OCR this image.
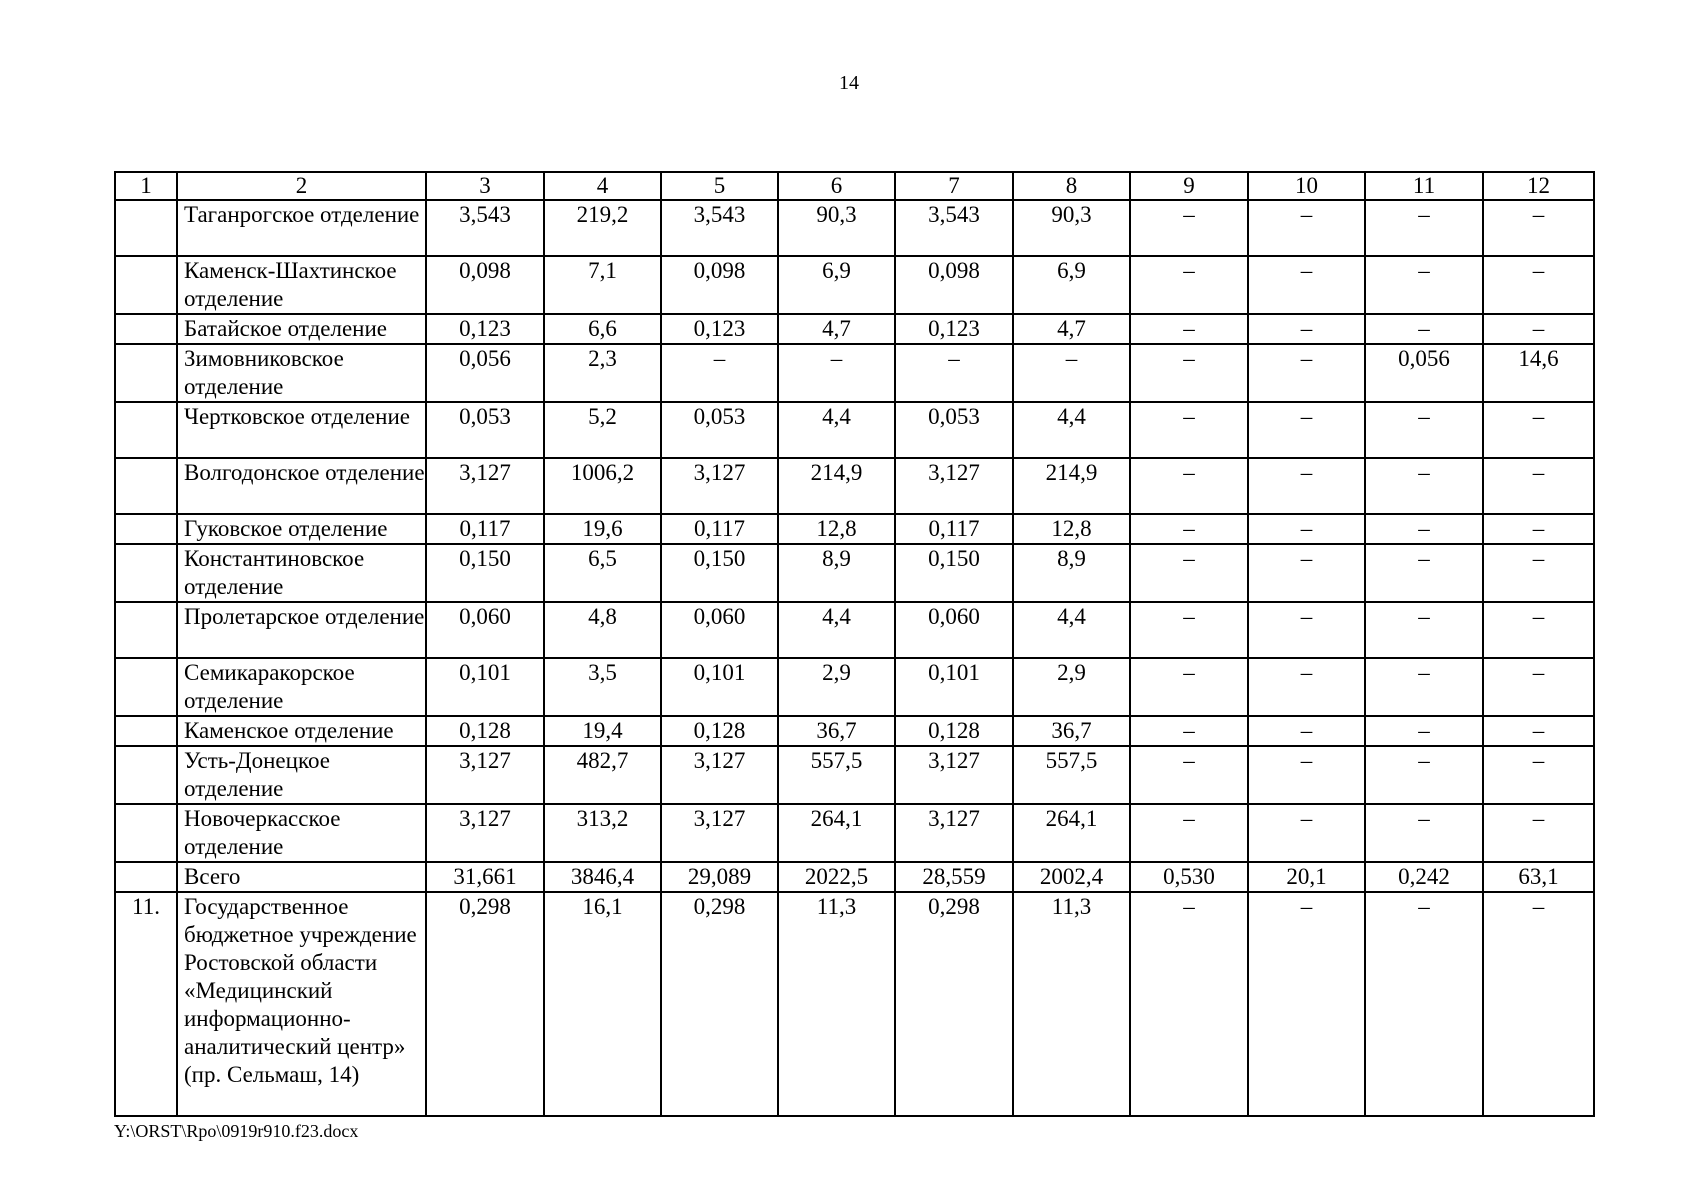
14
1	2	3	4	5	6	7	8	9	10	11	12
	Таганрогское отделение	3,543	219,2	3,543	90,3	3,543	90,3	–	–	–	–
	Каменск-Шахтинское отделение	0,098	7,1	0,098	6,9	0,098	6,9	–	–	–	–
	Батайское отделение	0,123	6,6	0,123	4,7	0,123	4,7	–	–	–	–
	Зимовниковское отделение	0,056	2,3	–	–	–	–	–	–	0,056	14,6
	Чертковское отделение	0,053	5,2	0,053	4,4	0,053	4,4	–	–	–	–
	Волгодонское отделение	3,127	1006,2	3,127	214,9	3,127	214,9	–	–	–	–
	Гуковское отделение	0,117	19,6	0,117	12,8	0,117	12,8	–	–	–	–
	Константиновское отделение	0,150	6,5	0,150	8,9	0,150	8,9	–	–	–	–
	Пролетарское отделение	0,060	4,8	0,060	4,4	0,060	4,4	–	–	–	–
	Семикаракорское отделение	0,101	3,5	0,101	2,9	0,101	2,9	–	–	–	–
	Каменское отделение	0,128	19,4	0,128	36,7	0,128	36,7	–	–	–	–
	Усть-Донецкое отделение	3,127	482,7	3,127	557,5	3,127	557,5	–	–	–	–
	Новочеркасское отделение	3,127	313,2	3,127	264,1	3,127	264,1	–	–	–	–
	Всего	31,661	3846,4	29,089	2022,5	28,559	2002,4	0,530	20,1	0,242	63,1
11.	Государственное бюджетное учреждение Ростовской области «Медицинский информационно-аналитический центр» (пр. Сельмаш, 14)	0,298	16,1	0,298	11,3	0,298	11,3	–	–	–	–
Y:\ORST\Rpo\0919r910.f23.docx
